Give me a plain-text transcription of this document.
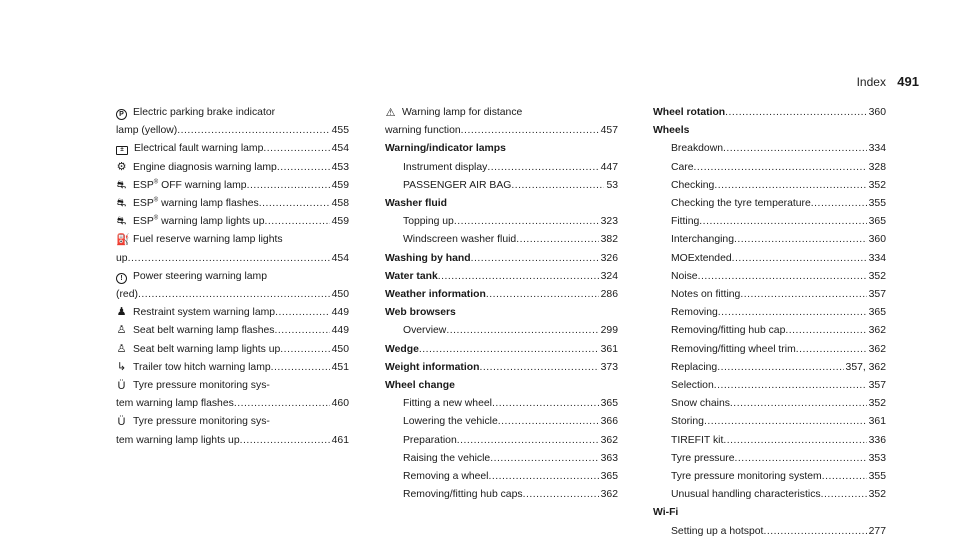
Index 491
P Electric parking brake indicator
lamp (yellow) .....	455
± Electrical fault warning lamp .....	454
⚙ Engine diagnosis warning lamp .....	453
⛐ ESP® OFF warning lamp .....	459
⛐ ESP® warning lamp flashes .....	458
⛐ ESP® warning lamp lights up .....	459
⛽ Fuel reserve warning lamp lights
up .....	454
! Power steering warning lamp
(red) .....	450
♟ Restraint system warning lamp .....	449
♙ Seat belt warning lamp flashes .....	449
♙ Seat belt warning lamp lights up .....	450
↳ Trailer tow hitch warning lamp .....	451
Ü Tyre pressure monitoring sys-
tem warning lamp flashes .....	460
Ü Tyre pressure monitoring sys-
tem warning lamp lights up .....	461
⚠ Warning lamp for distance
warning function .....	457
Warning/indicator lamps
Instrument display .....	447
PASSENGER AIR BAG .....	53
Washer fluid
Topping up .....	323
Windscreen washer fluid .....	382
Washing by hand .....	326
Water tank .....	324
Weather information .....	286
Web browsers
Overview .....	299
Wedge .....	361
Weight information .....	373
Wheel change
Fitting a new wheel .....	365
Lowering the vehicle .....	366
Preparation .....	362
Raising the vehicle .....	363
Removing a wheel .....	365
Removing/fitting hub caps .....	362
Wheel rotation .....	360
Wheels
Breakdown .....	334
Care .....	328
Checking .....	352
Checking the tyre temperature .....	355
Fitting .....	365
Interchanging .....	360
MOExtended .....	334
Noise .....	352
Notes on fitting .....	357
Removing .....	365
Removing/fitting hub cap .....	362
Removing/fitting wheel trim .....	362
Replacing .....	357, 362
Selection .....	357
Snow chains .....	352
Storing .....	361
TIREFIT kit .....	336
Tyre pressure .....	353
Tyre pressure monitoring system .....	355
Unusual handling characteristics .....	352
Wi-Fi
Setting up a hotspot .....	277
